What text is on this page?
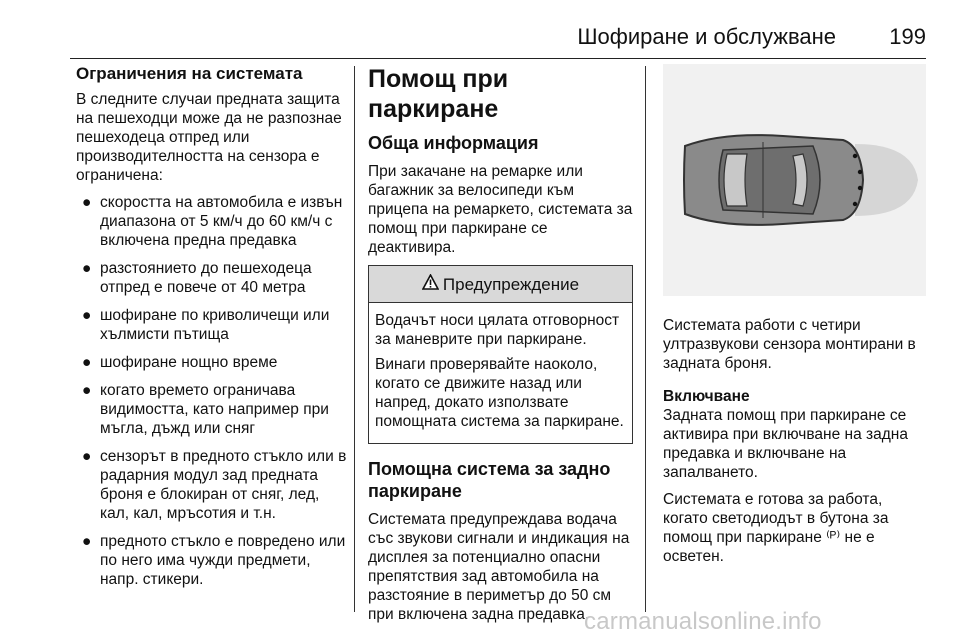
Шофиране и обслужване 199
Ограничения на системата

В следните случаи предната защита на пешеходци може да не разпознае пешеходеца отпред или производителността на сензора е ограничена:

● скоростта на автомобила е извън диапазона от 5 км/ч до 60 км/ч с включена предна предавка
● разстоянието до пешеходеца отпред е повече от 40 метра
● шофиране по криволичещи или хълмисти пътища
● шофиране нощно време
● когато времето ограничава видимостта, като например при мъгла, дъжд или сняг
● сензорът в предното стъкло или в радарния модул зад предната броня е блокиран от сняг, лед, кал, кал, мръсотия и т.н.
● предното стъкло е повредено или по него има чужди предмети, напр. стикери.
Помощ при паркиране
Обща информация

При закачане на ремарке или багажник за велосипеди към прицепа на ремаркето, системата за помощ при паркиране се деактивира.

Предупреждение

Водачът носи цялата отговорност за маневрите при паркиране.

Винаги проверявайте наоколо, когато се движите назад или напред, докато използвате помощната система за паркиране.

Помощна система за задно паркиране

Системата предупреждава водача със звукови сигнали и индикация на дисплея за потенциално опасни препятствия зад автомобила на разстояние в периметър до 50 см при включена задна предавка.

Системата работи с четири ултразвукови сензора монтирани в задната броня.

Включване

Задната помощ при паркиране се активира при включване на задна предавка и включване на запалването.

Системата е готова за работа, когато светодиодът в бутона за помощ при паркиране ⁽ᴾ⁾ не е осветен.

carmanualsonline.info
